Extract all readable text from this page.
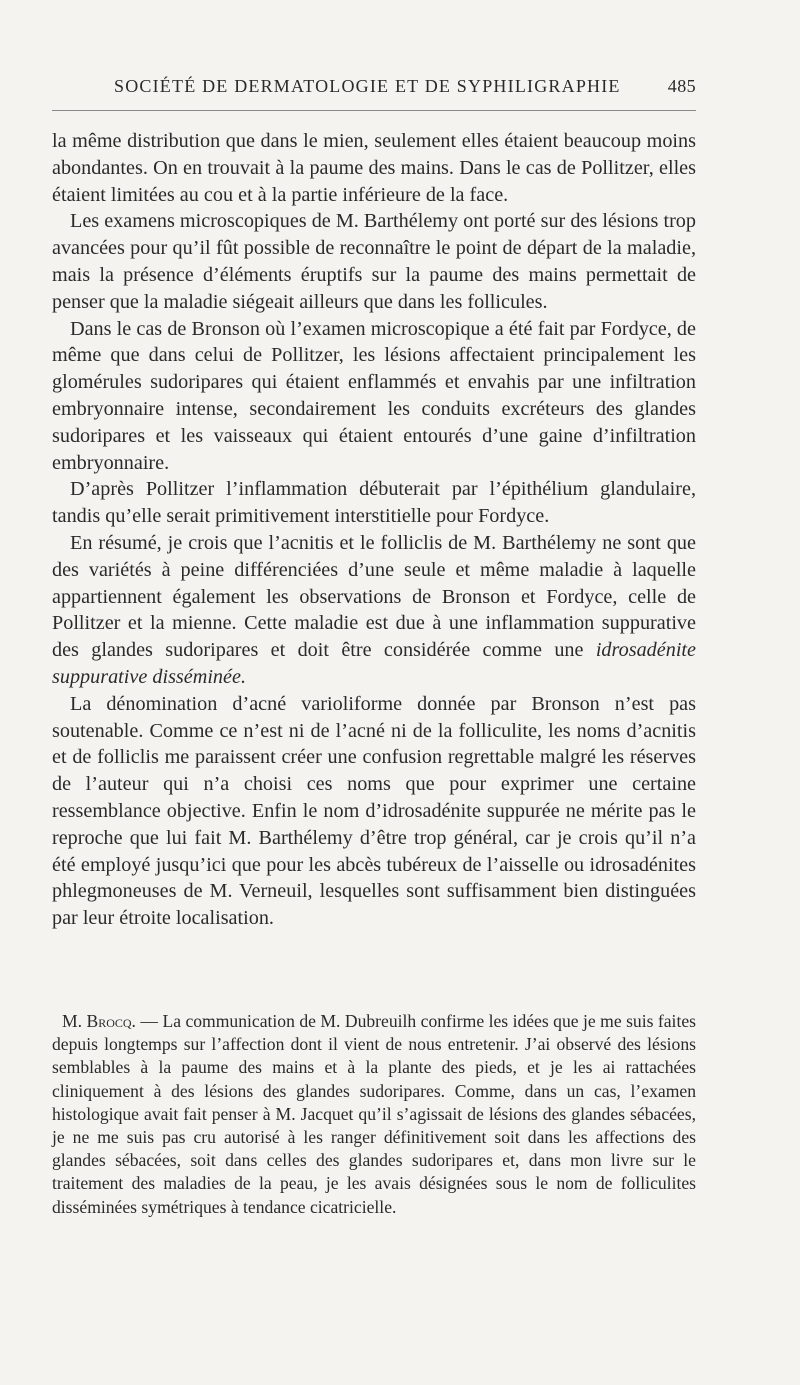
SOCIÉTÉ DE DERMATOLOGIE ET DE SYPHILIGRAPHIE	485

la même distribution que dans le mien, seulement elles étaient beaucoup moins abondantes. On en trouvait à la paume des mains. Dans le cas de Pollitzer, elles étaient limitées au cou et à la partie inférieure de la face.

Les examens microscopiques de M. Barthélemy ont porté sur des lésions trop avancées pour qu’il fût possible de reconnaître le point de départ de la maladie, mais la présence d’éléments éruptifs sur la paume des mains permettait de penser que la maladie siégeait ailleurs que dans les follicules.

Dans le cas de Bronson où l’examen microscopique a été fait par Fordyce, de même que dans celui de Pollitzer, les lésions affectaient principalement les glomérules sudoripares qui étaient enflammés et envahis par une infiltration embryonnaire intense, secondairement les conduits excréteurs des glandes sudoripares et les vaisseaux qui étaient entourés d’une gaine d’infiltration embryonnaire.

D’après Pollitzer l’inflammation débuterait par l’épithélium glandulaire, tandis qu’elle serait primitivement interstitielle pour Fordyce.

En résumé, je crois que l’acnitis et le folliclis de M. Barthélemy ne sont que des variétés à peine différenciées d’une seule et même maladie à laquelle appartiennent également les observations de Bronson et Fordyce, celle de Pollitzer et la mienne. Cette maladie est due à une inflammation suppurative des glandes sudoripares et doit être considérée comme une idrosadénite suppurative disséminée.

La dénomination d’acné varioliforme donnée par Bronson n’est pas soutenable. Comme ce n’est ni de l’acné ni de la folliculite, les noms d’acnitis et de folliclis me paraissent créer une confusion regrettable malgré les réserves de l’auteur qui n’a choisi ces noms que pour exprimer une certaine ressemblance objective. Enfin le nom d’idrosadénite suppurée ne mérite pas le reproche que lui fait M. Barthélemy d’être trop général, car je crois qu’il n’a été employé jusqu’ici que pour les abcès tubéreux de l’aisselle ou idrosadénites phlegmoneuses de M. Verneuil, lesquelles sont suffisamment bien distinguées par leur étroite localisation.

M. Brocq. — La communication de M. Dubreuilh confirme les idées que je me suis faites depuis longtemps sur l’affection dont il vient de nous entretenir. J’ai observé des lésions semblables à la paume des mains et à la plante des pieds, et je les ai rattachées cliniquement à des lésions des glandes sudoripares. Comme, dans un cas, l’examen histologique avait fait penser à M. Jacquet qu’il s’agissait de lésions des glandes sébacées, je ne me suis pas cru autorisé à les ranger définitivement soit dans les affections des glandes sébacées, soit dans celles des glandes sudoripares et, dans mon livre sur le traitement des maladies de la peau, je les avais désignées sous le nom de folliculites disséminées symétriques à tendance cicatricielle.
